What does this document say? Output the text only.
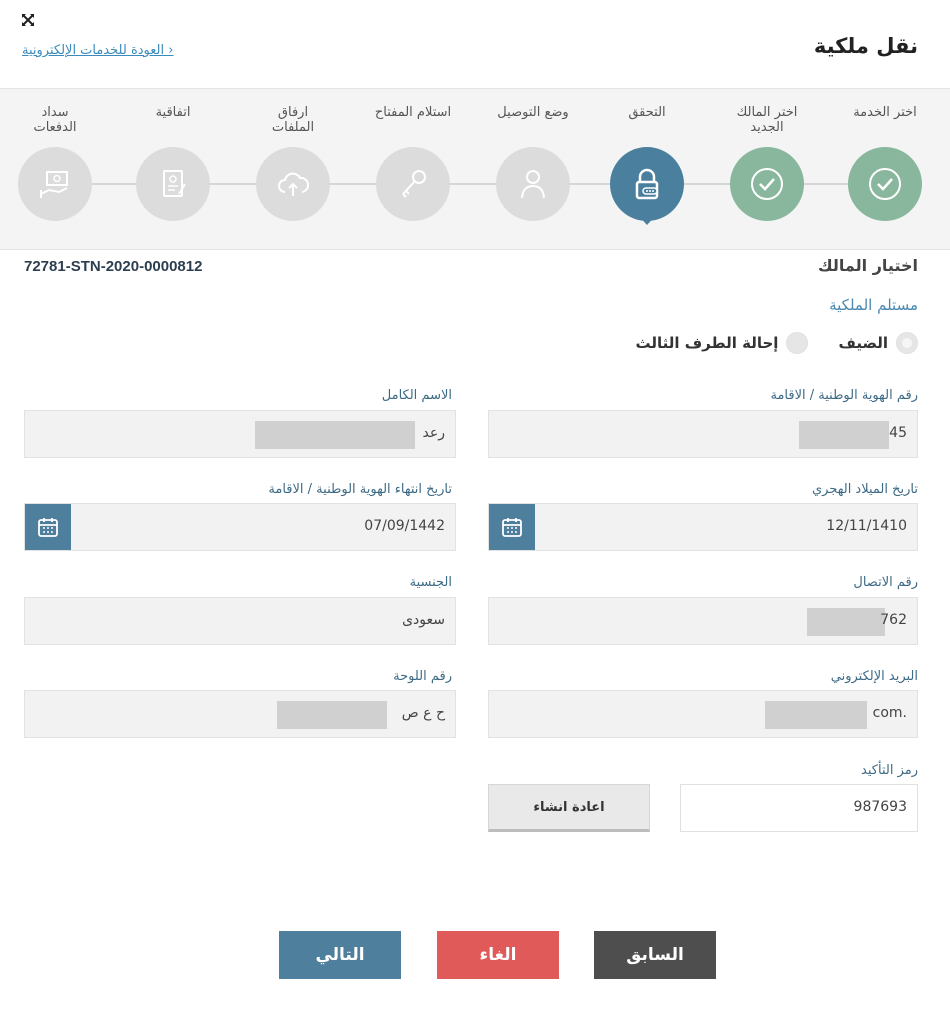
نقل ملكية
‹ العودة للخدمات الإلكترونية
اختر الخدمة
اختر المالك الجديد
التحقق
وضع التوصيل
استلام المفتاح
ارفاق الملفات
اتفاقية
سداد الدفعات
اختيار المالك
72781-STN-2020-0000812
مستلم الملكية
الضيف
إحالة الطرف الثالث
رقم الهوية الوطنية / الاقامة
45
الاسم الكامل
رعد
تاريخ الميلاد الهجري
12/11/1410
تاريخ انتهاء الهوية الوطنية / الاقامة
07/09/1442
رقم الاتصال
762
الجنسية
سعودى
البريد الإلكتروني
.com
رقم اللوحة
ح ع ص
رمز التأكيد
987693
اعادة انشاء
السابق
الغاء
التالي
